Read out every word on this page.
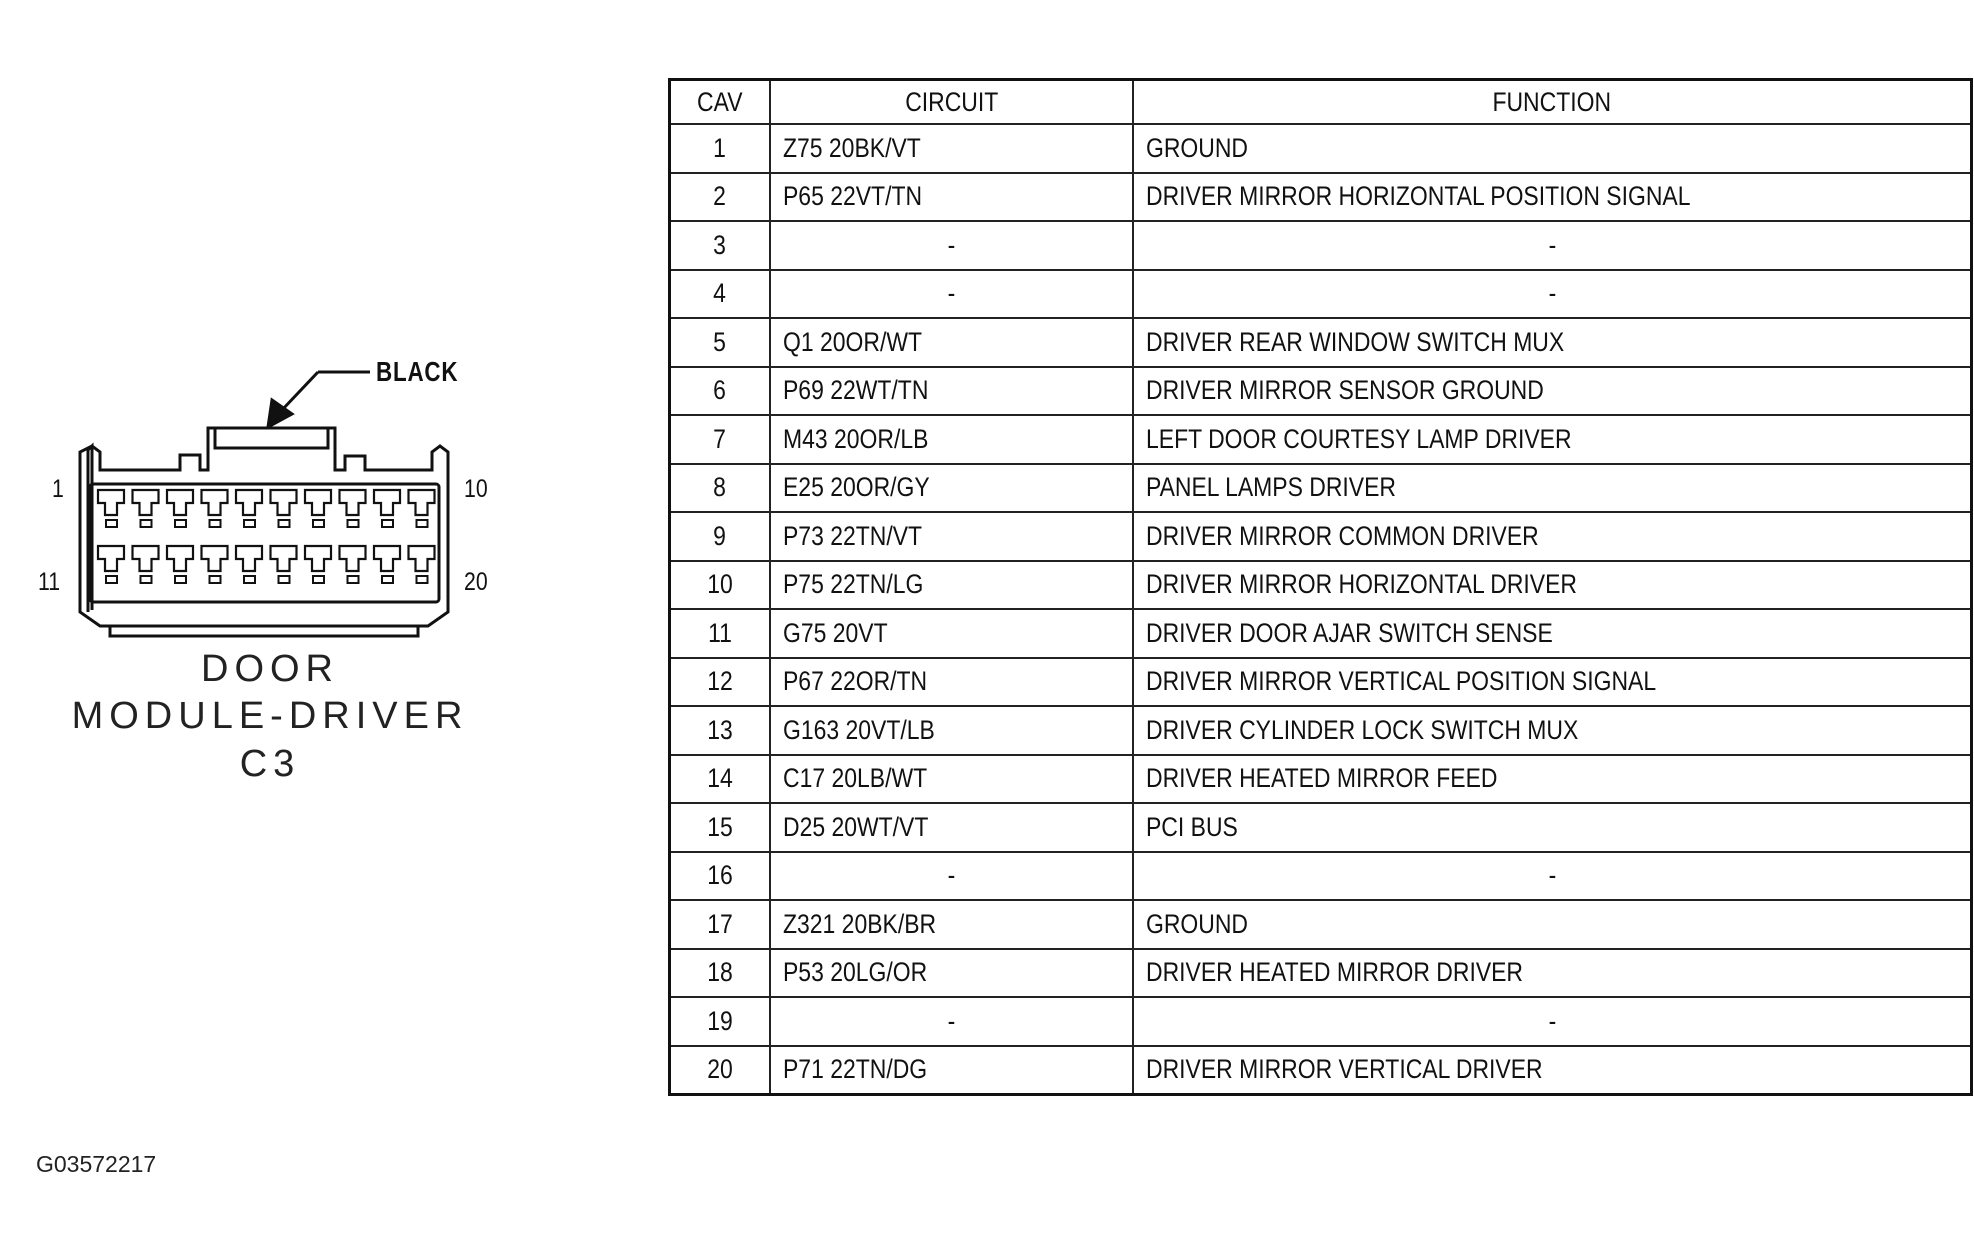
1	10
11	20
BLACK
DOOR
MODULE-DRIVER
C3
CAV	CIRCUIT	FUNCTION
1	Z75 20BK/VT	GROUND
2	P65 22VT/TN	DRIVER MIRROR HORIZONTAL POSITION SIGNAL
3	-	-
4	-	-
5	Q1 20OR/WT	DRIVER REAR WINDOW SWITCH MUX
6	P69 22WT/TN	DRIVER MIRROR SENSOR GROUND
7	M43 20OR/LB	LEFT DOOR COURTESY LAMP DRIVER
8	E25 20OR/GY	PANEL LAMPS DRIVER
9	P73 22TN/VT	DRIVER MIRROR COMMON DRIVER
10	P75 22TN/LG	DRIVER MIRROR HORIZONTAL DRIVER
11	G75 20VT	DRIVER DOOR AJAR SWITCH SENSE
12	P67 22OR/TN	DRIVER MIRROR VERTICAL POSITION SIGNAL
13	G163 20VT/LB	DRIVER CYLINDER LOCK SWITCH MUX
14	C17 20LB/WT	DRIVER HEATED MIRROR FEED
15	D25 20WT/VT	PCI BUS
16	-	-
17	Z321 20BK/BR	GROUND
18	P53 20LG/OR	DRIVER HEATED MIRROR DRIVER
19	-	-
20	P71 22TN/DG	DRIVER MIRROR VERTICAL DRIVER
G03572217
